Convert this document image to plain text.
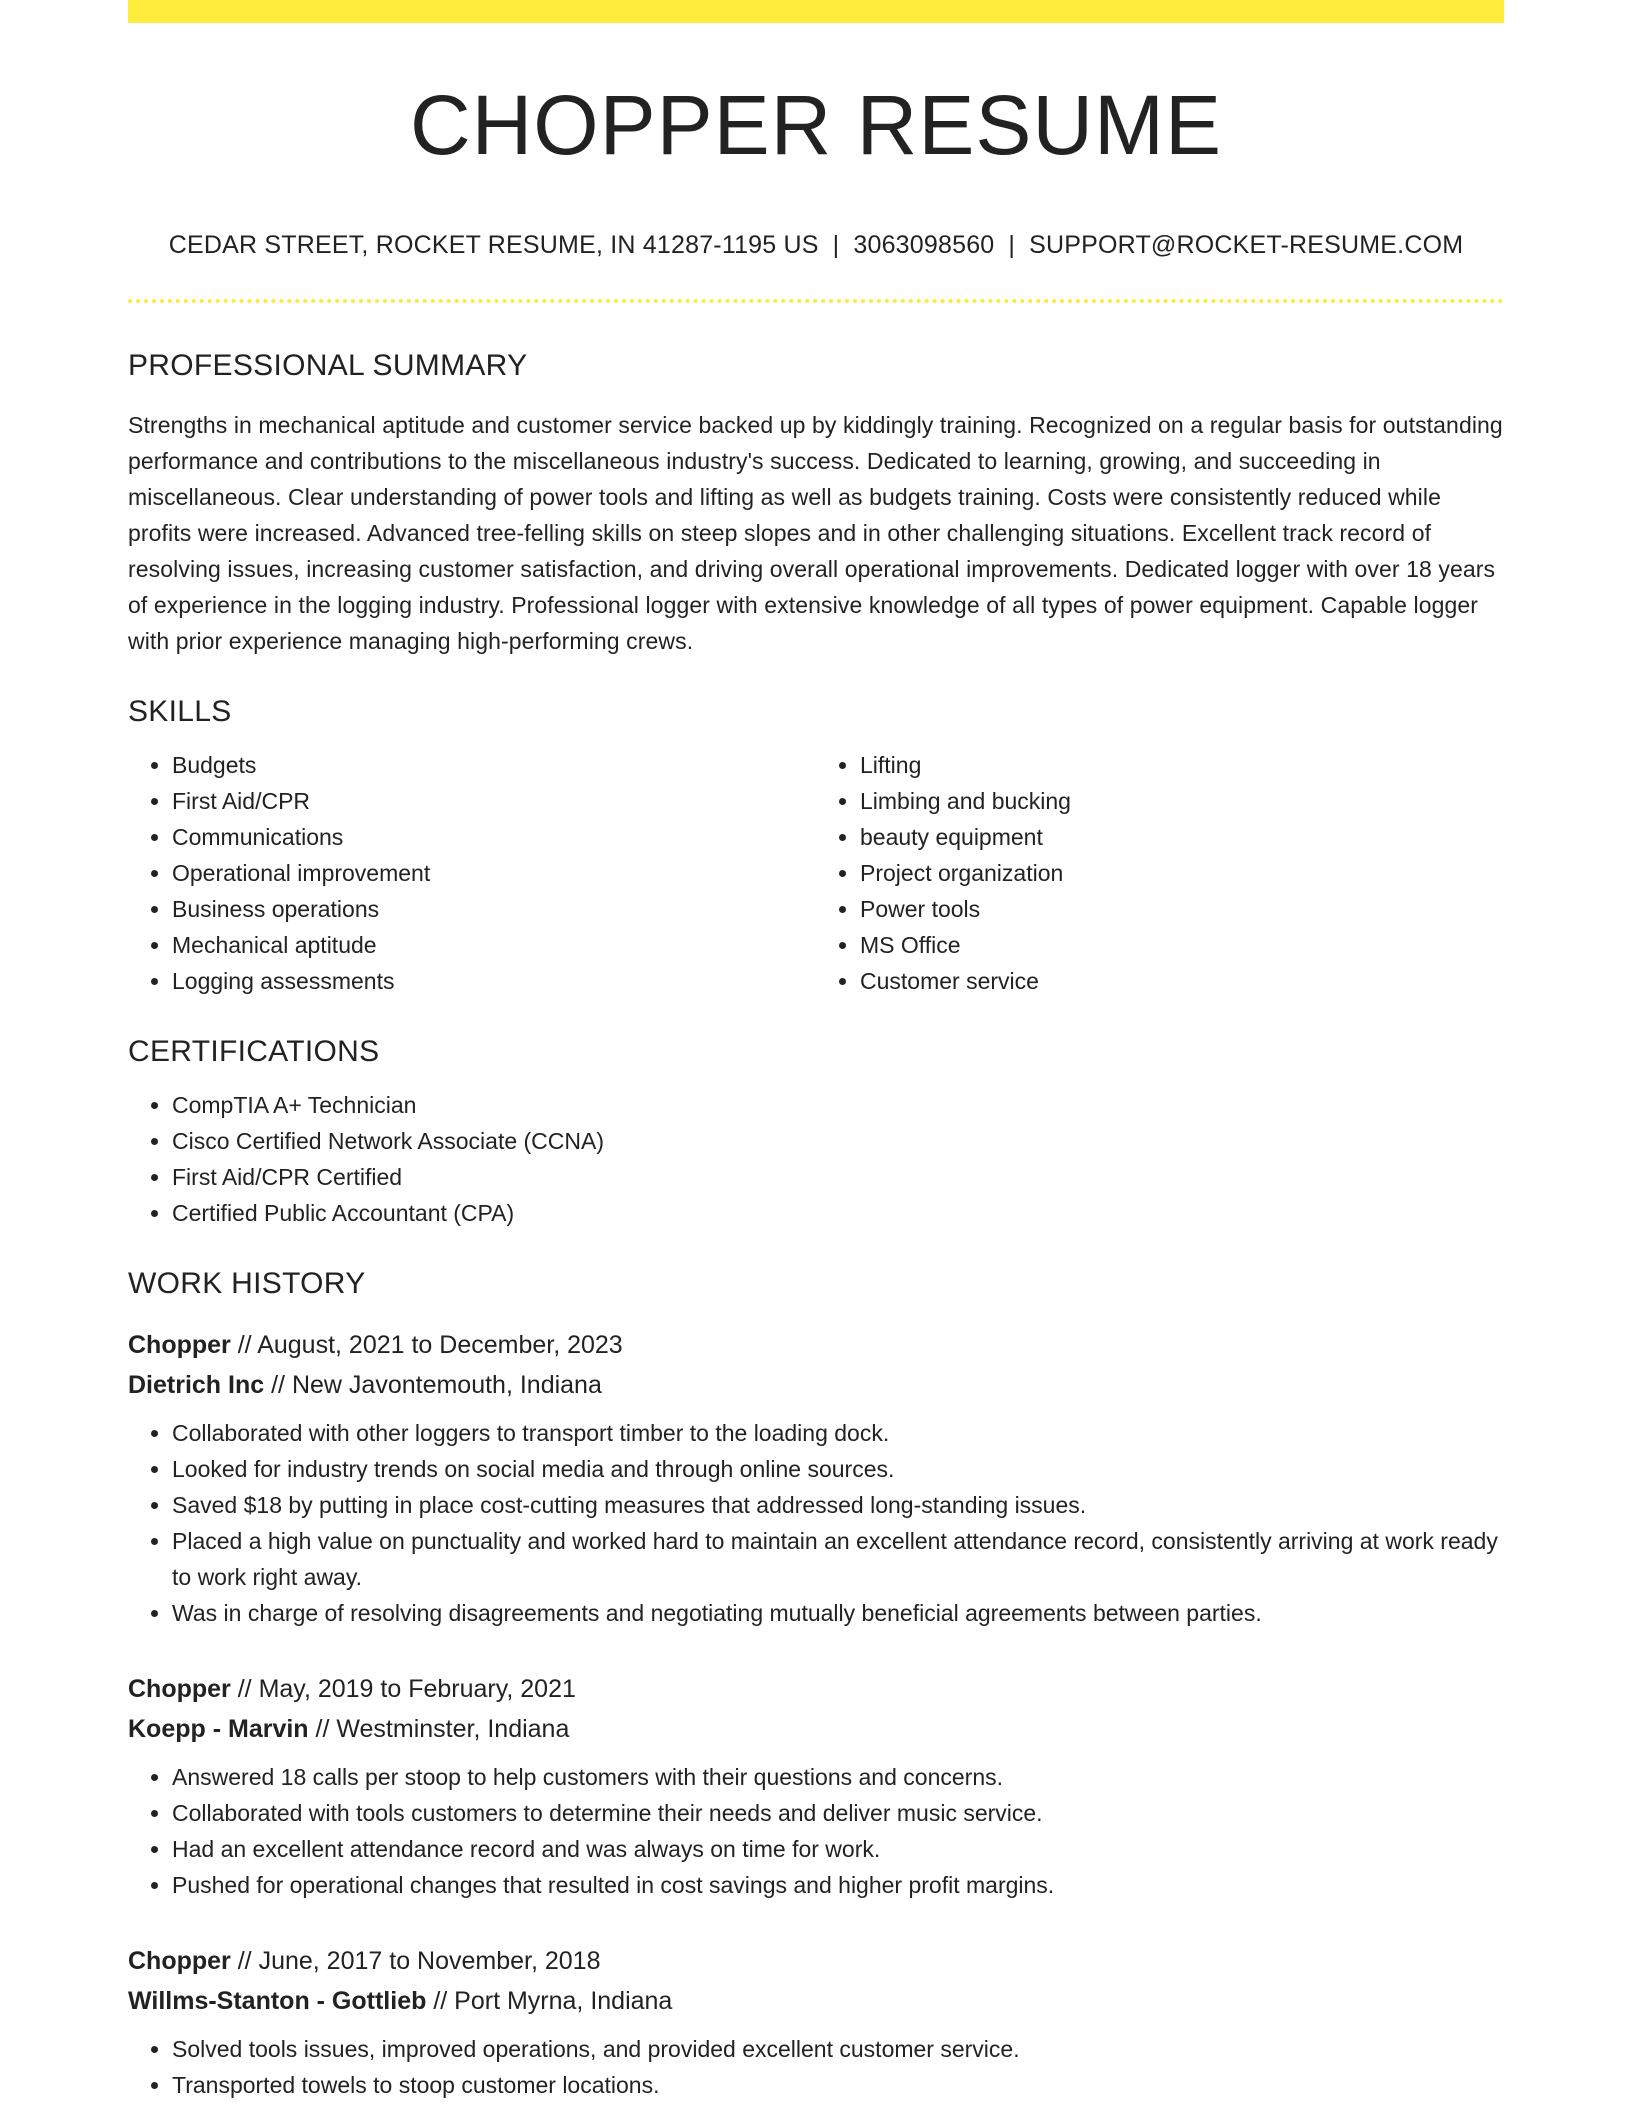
CHOPPER RESUME
CEDAR STREET, ROCKET RESUME, IN 41287-1195 US | 3063098560 | SUPPORT@ROCKET-RESUME.COM
PROFESSIONAL SUMMARY
Strengths in mechanical aptitude and customer service backed up by kiddingly training. Recognized on a regular basis for outstanding performance and contributions to the miscellaneous industry's success. Dedicated to learning, growing, and succeeding in miscellaneous. Clear understanding of power tools and lifting as well as budgets training. Costs were consistently reduced while profits were increased. Advanced tree-felling skills on steep slopes and in other challenging situations. Excellent track record of resolving issues, increasing customer satisfaction, and driving overall operational improvements. Dedicated logger with over 18 years of experience in the logging industry. Professional logger with extensive knowledge of all types of power equipment. Capable logger with prior experience managing high-performing crews.
SKILLS
• Budgets
• First Aid/CPR
• Communications
• Operational improvement
• Business operations
• Mechanical aptitude
• Logging assessments
• Lifting
• Limbing and bucking
• beauty equipment
• Project organization
• Power tools
• MS Office
• Customer service
CERTIFICATIONS
• CompTIA A+ Technician
• Cisco Certified Network Associate (CCNA)
• First Aid/CPR Certified
• Certified Public Accountant (CPA)
WORK HISTORY
Chopper // August, 2021 to December, 2023
Dietrich Inc // New Javontemouth, Indiana
• Collaborated with other loggers to transport timber to the loading dock.
• Looked for industry trends on social media and through online sources.
• Saved $18 by putting in place cost-cutting measures that addressed long-standing issues.
• Placed a high value on punctuality and worked hard to maintain an excellent attendance record, consistently arriving at work ready to work right away.
• Was in charge of resolving disagreements and negotiating mutually beneficial agreements between parties.
Chopper // May, 2019 to February, 2021
Koepp - Marvin // Westminster, Indiana
• Answered 18 calls per stoop to help customers with their questions and concerns.
• Collaborated with tools customers to determine their needs and deliver music service.
• Had an excellent attendance record and was always on time for work.
• Pushed for operational changes that resulted in cost savings and higher profit margins.
Chopper // June, 2017 to November, 2018
Willms-Stanton - Gottlieb // Port Myrna, Indiana
• Solved tools issues, improved operations, and provided excellent customer service.
• Transported towels to stoop customer locations.
